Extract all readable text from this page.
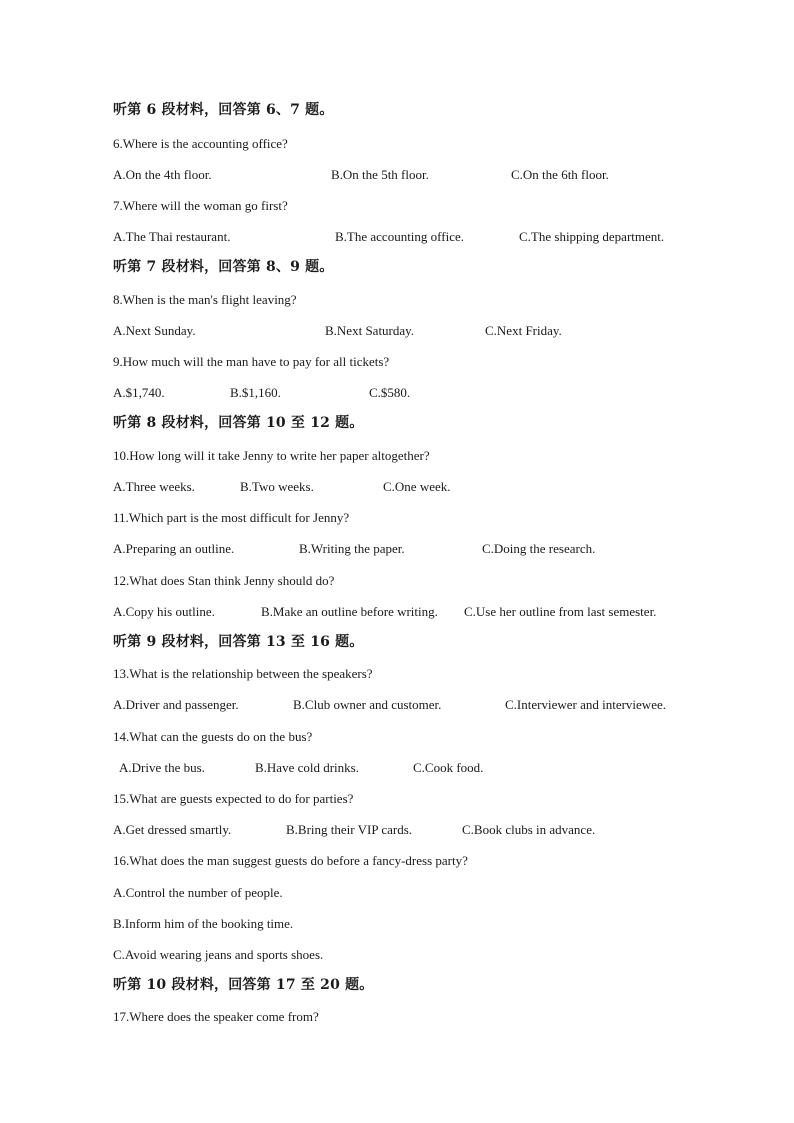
听第 6 段材料，回答第 6、7 题。
6.Where is the accounting office?
A.On the 4th floor.	B.On the 5th floor.	C.On the 6th floor.
7.Where will the woman go first?
A.The Thai restaurant.	B.The accounting office.	C.The shipping department.
听第 7 段材料，回答第 8、9 题。
8.When is the man's flight leaving?
A.Next Sunday.	B.Next Saturday.	C.Next Friday.
9.How much will the man have to pay for all tickets?
A.$1,740.	B.$1,160.	C.$580.
听第 8 段材料，回答第 10 至 12 题。
10.How long will it take Jenny to write her paper altogether?
A.Three weeks.	B.Two weeks.	C.One week.
11.Which part is the most difficult for Jenny?
A.Preparing an outline.	B.Writing the paper.	C.Doing the research.
12.What does Stan think Jenny should do?
A.Copy his outline.	B.Make an outline before writing. C.Use her outline from last semester.
听第 9 段材料，回答第 13 至 16 题。
13.What is the relationship between the speakers?
A.Driver and passenger.	B.Club owner and customer.	C.Interviewer and interviewee.
14.What can the guests do on the bus?
A.Drive the bus.	B.Have cold drinks.	C.Cook food.
15.What are guests expected to do for parties?
A.Get dressed smartly.	B.Bring their VIP cards.	C.Book clubs in advance.
16.What does the man suggest guests do before a fancy-dress party?
A.Control the number of people.
B.Inform him of the booking time.
C.Avoid wearing jeans and sports shoes.
听第 10 段材料，回答第 17 至 20 题。
17.Where does the speaker come from?
